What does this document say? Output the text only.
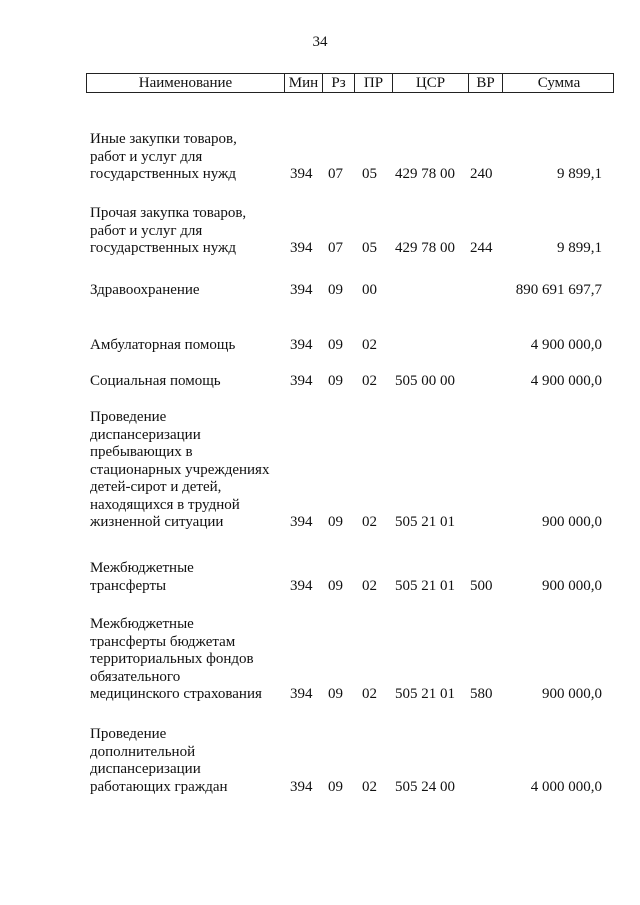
34
Наименование	Мин Рз	ПР	ЦСР	ВР	Сумма
Иные закупки товаров,
работ и услуг для
государственных нужд	394 07 05 429 78 00 240	9 899,1
Прочая закупка товаров,
работ и услуг для
государственных нужд	394 07 05 429 78 00 244	9 899,1
Здравоохранение	394 09 00	890 691 697,7
Амбулаторная помощь	394 09 02	4 900 000,0
Социальная помощь	394 09 02 505 00 00	4 900 000,0
Проведение
диспансеризации
пребывающих в
стационарных учреждениях
детей-сирот и детей,
находящихся в трудной
жизненной ситуации	394 09 02 505 21 01	900 000,0
Межбюджетные
трансферты	394 09 02 505 21 01 500	900 000,0
Межбюджетные
трансферты бюджетам
территориальных фондов
обязательного
медицинского страхования	394 09 02 505 21 01 580	900 000,0
Проведение
дополнительной
диспансеризации
работающих граждан	394 09 02 505 24 00	4 000 000,0
